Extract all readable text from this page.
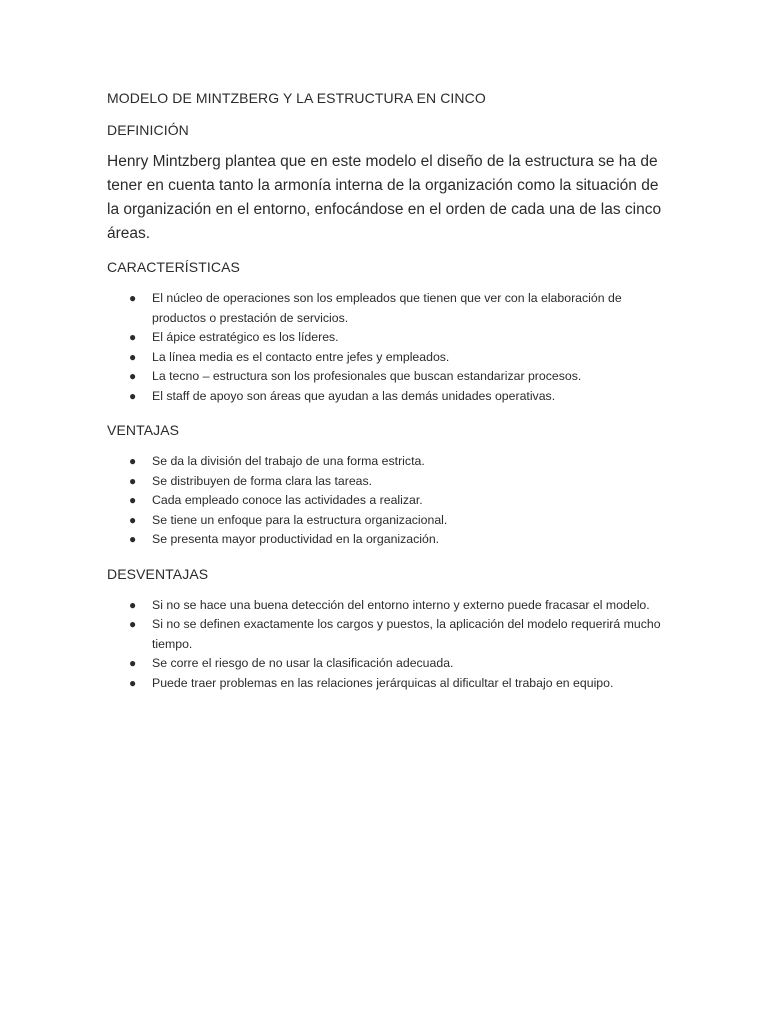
MODELO DE MINTZBERG Y LA ESTRUCTURA EN CINCO
DEFINICIÓN

Henry Mintzberg plantea que en este modelo el diseño de la estructura se ha de tener en cuenta tanto la armonía interna de la organización como la situación de la organización en el entorno, enfocándose en el orden de cada una de las cinco áreas.

CARACTERÍSTICAS
● El núcleo de operaciones son los empleados que tienen que ver con la elaboración de productos o prestación de servicios.
● El ápice estratégico es los líderes.
● La línea media es el contacto entre jefes y empleados.
● La tecno – estructura son los profesionales que buscan estandarizar procesos.
● El staff de apoyo son áreas que ayudan a las demás unidades operativas.
VENTAJAS
● Se da la división del trabajo de una forma estricta.
● Se distribuyen de forma clara las tareas.
● Cada empleado conoce las actividades a realizar.
● Se tiene un enfoque para la estructura organizacional.
● Se presenta mayor productividad en la organización.
DESVENTAJAS
● Si no se hace una buena detección del entorno interno y externo puede fracasar el modelo.
● Si no se definen exactamente los cargos y puestos, la aplicación del modelo requerirá mucho tiempo.
● Se corre el riesgo de no usar la clasificación adecuada.
● Puede traer problemas en las relaciones jerárquicas al dificultar el trabajo en equipo.
